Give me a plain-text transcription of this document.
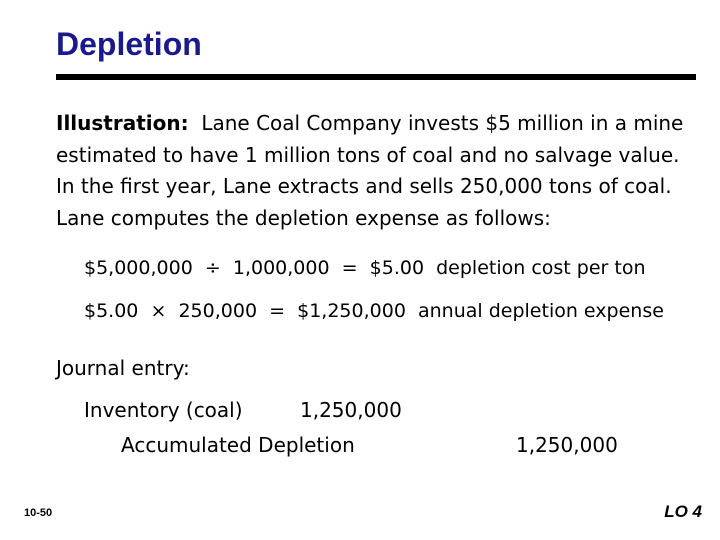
Depletion

Illustration: Lane Coal Company invests $5 million in a mine estimated to have 1 million tons of coal and no salvage value. In the first year, Lane extracts and sells 250,000 tons of coal. Lane computes the depletion expense as follows:

$5,000,000  ÷  1,000,000  =  $5.00  depletion cost per ton
$5.00  ×  250,000  =  $1,250,000  annual depletion expense
Journal entry:
Inventory (coal)	1,250,000
Accumulated Depletion	1,250,000
10-50	LO 4
